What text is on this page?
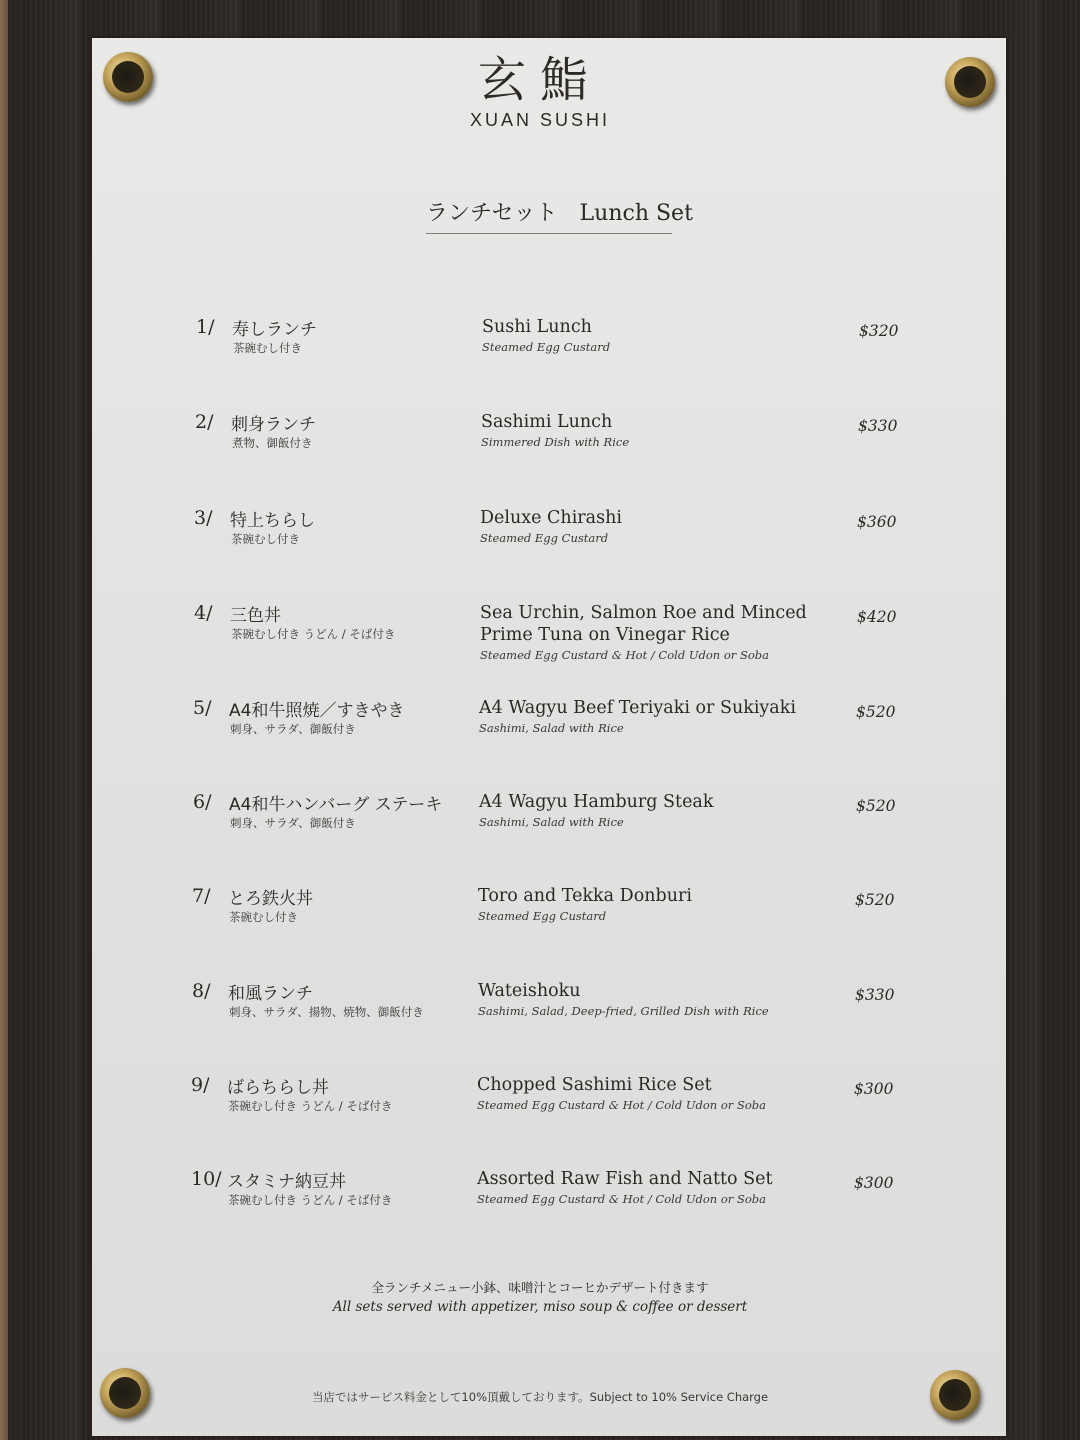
玄鮨
XUAN SUSHI
ランチセット　Lunch Set
1/ 寿しランチ
茶碗むし付き
Sushi Lunch
Steamed Egg Custard
$320
2/ 刺身ランチ
煮物、御飯付き
Sashimi Lunch
Simmered Dish with Rice
$330
3/ 特上ちらし
茶碗むし付き
Deluxe Chirashi
Steamed Egg Custard
$360
4/ 三色丼
茶碗むし付き うどん / そば付き
Sea Urchin, Salmon Roe and Minced
Prime Tuna on Vinegar Rice
Steamed Egg Custard & Hot / Cold Udon or Soba
$420
5/ A4和牛照焼／すきやき
刺身、サラダ、御飯付き
A4 Wagyu Beef Teriyaki or Sukiyaki
Sashimi, Salad with Rice
$520
6/ A4和牛ハンバーグ ステーキ
刺身、サラダ、御飯付き
A4 Wagyu Hamburg Steak
Sashimi, Salad with Rice
$520
7/ とろ鉄火丼
茶碗むし付き
Toro and Tekka Donburi
Steamed Egg Custard
$520
8/ 和風ランチ
刺身、サラダ、揚物、焼物、御飯付き
Wateishoku
Sashimi, Salad, Deep-fried, Grilled Dish with Rice
$330
9/ ばらちらし丼
茶碗むし付き うどん / そば付き
Chopped Sashimi Rice Set
Steamed Egg Custard & Hot / Cold Udon or Soba
$300
10/ スタミナ納豆丼
茶碗むし付き うどん / そば付き
Assorted Raw Fish and Natto Set
Steamed Egg Custard & Hot / Cold Udon or Soba
$300
全ランチメニュー小鉢、味噌汁とコーヒかデザート付きます
All sets served with appetizer, miso soup & coffee or dessert
当店ではサービス料金として10%頂戴しております。Subject to 10% Service Charge
